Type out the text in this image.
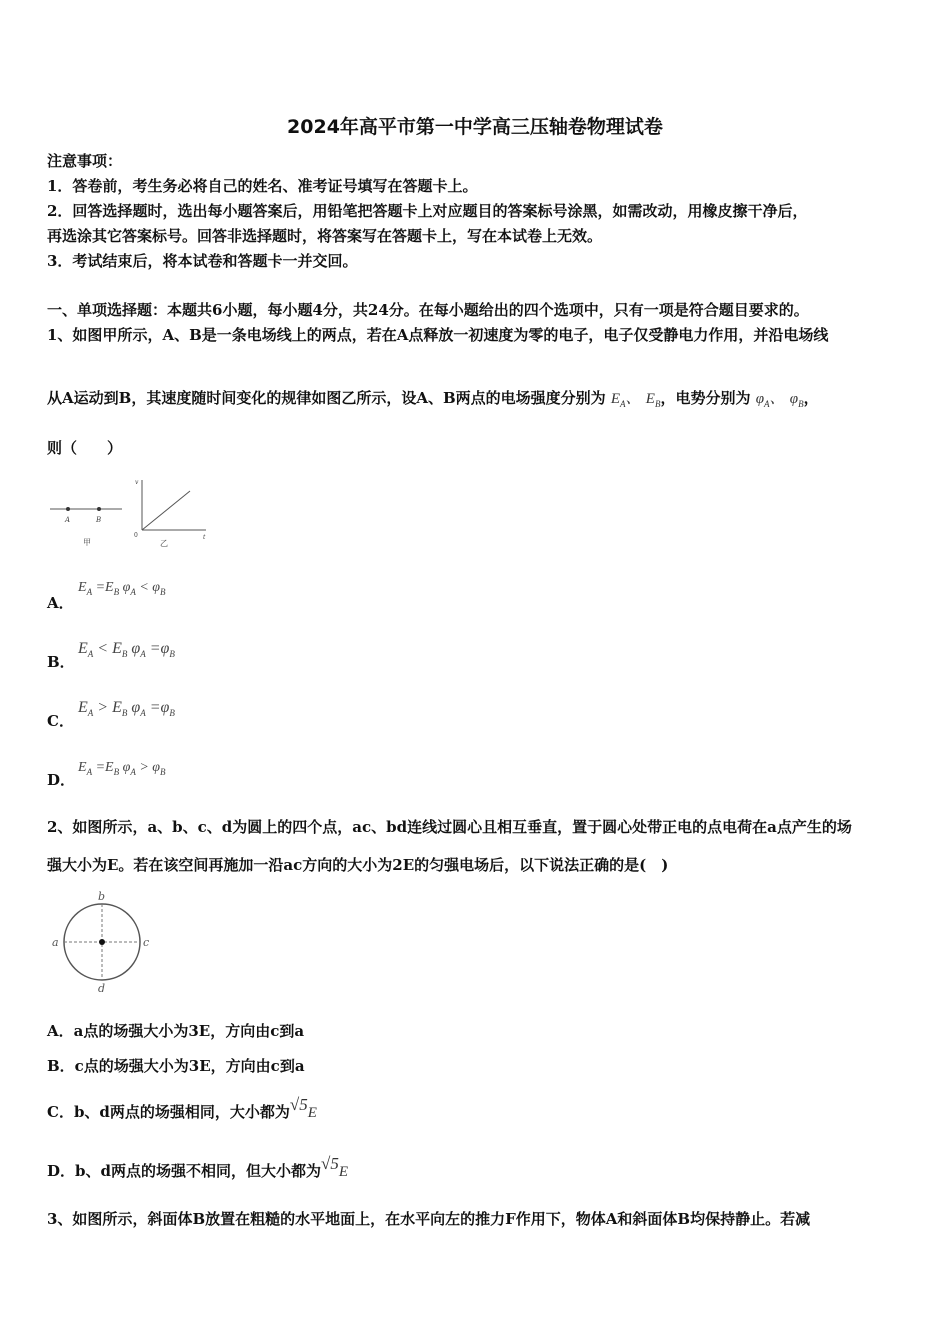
2024年高平市第一中学高三压轴卷物理试卷
注意事项：
1．答卷前，考生务必将自己的姓名、准考证号填写在答题卡上。
2．回答选择题时，选出每小题答案后，用铅笔把答题卡上对应题目的答案标号涂黑，如需改动，用橡皮擦干净后，
再选涂其它答案标号。回答非选择题时，将答案写在答题卡上，写在本试卷上无效。
3．考试结束后，将本试卷和答题卡一并交回。
一、单项选择题：本题共6小题，每小题4分，共24分。在每小题给出的四个选项中，只有一项是符合题目要求的。
1、如图甲所示，A、B是一条电场线上的两点，若在A点释放一初速度为零的电子，电子仅受静电力作用，并沿电场线
从A运动到B，其速度随时间变化的规律如图乙所示，设A、B两点的电场强度分别为 $E_A$、 $E_B$，电势分别为 $\varphi_A$、 $\varphi_B$，
则（　　）
A	B
甲
v
0	t
乙
A．
$E_A =E_B$ $\varphi_A < \varphi_B$
B．
$E_A < E_B$ $\varphi_A =\varphi_B$
C．
$E_A > E_B$ $\varphi_A =\varphi_B$
D．
$E_A =E_B$ $\varphi_A > \varphi_B$
2、如图所示，a、b、c、d为圆上的四个点，ac、bd连线过圆心且相互垂直，置于圆心处带正电的点电荷在a点产生的场
强大小为E。若在该空间再施加一沿ac方向的大小为2E的匀强电场后，以下说法正确的是(　)
a
b
c
d
A．a点的场强大小为3E，方向由c到a
B．c点的场强大小为3E，方向由c到a
C．b、d两点的场强相同，大小都为√5E
D．b、d两点的场强不相同，但大小都为√5E
3、如图所示，斜面体B放置在粗糙的水平地面上，在水平向左的推力F作用下，物体A和斜面体B均保持静止。若减
